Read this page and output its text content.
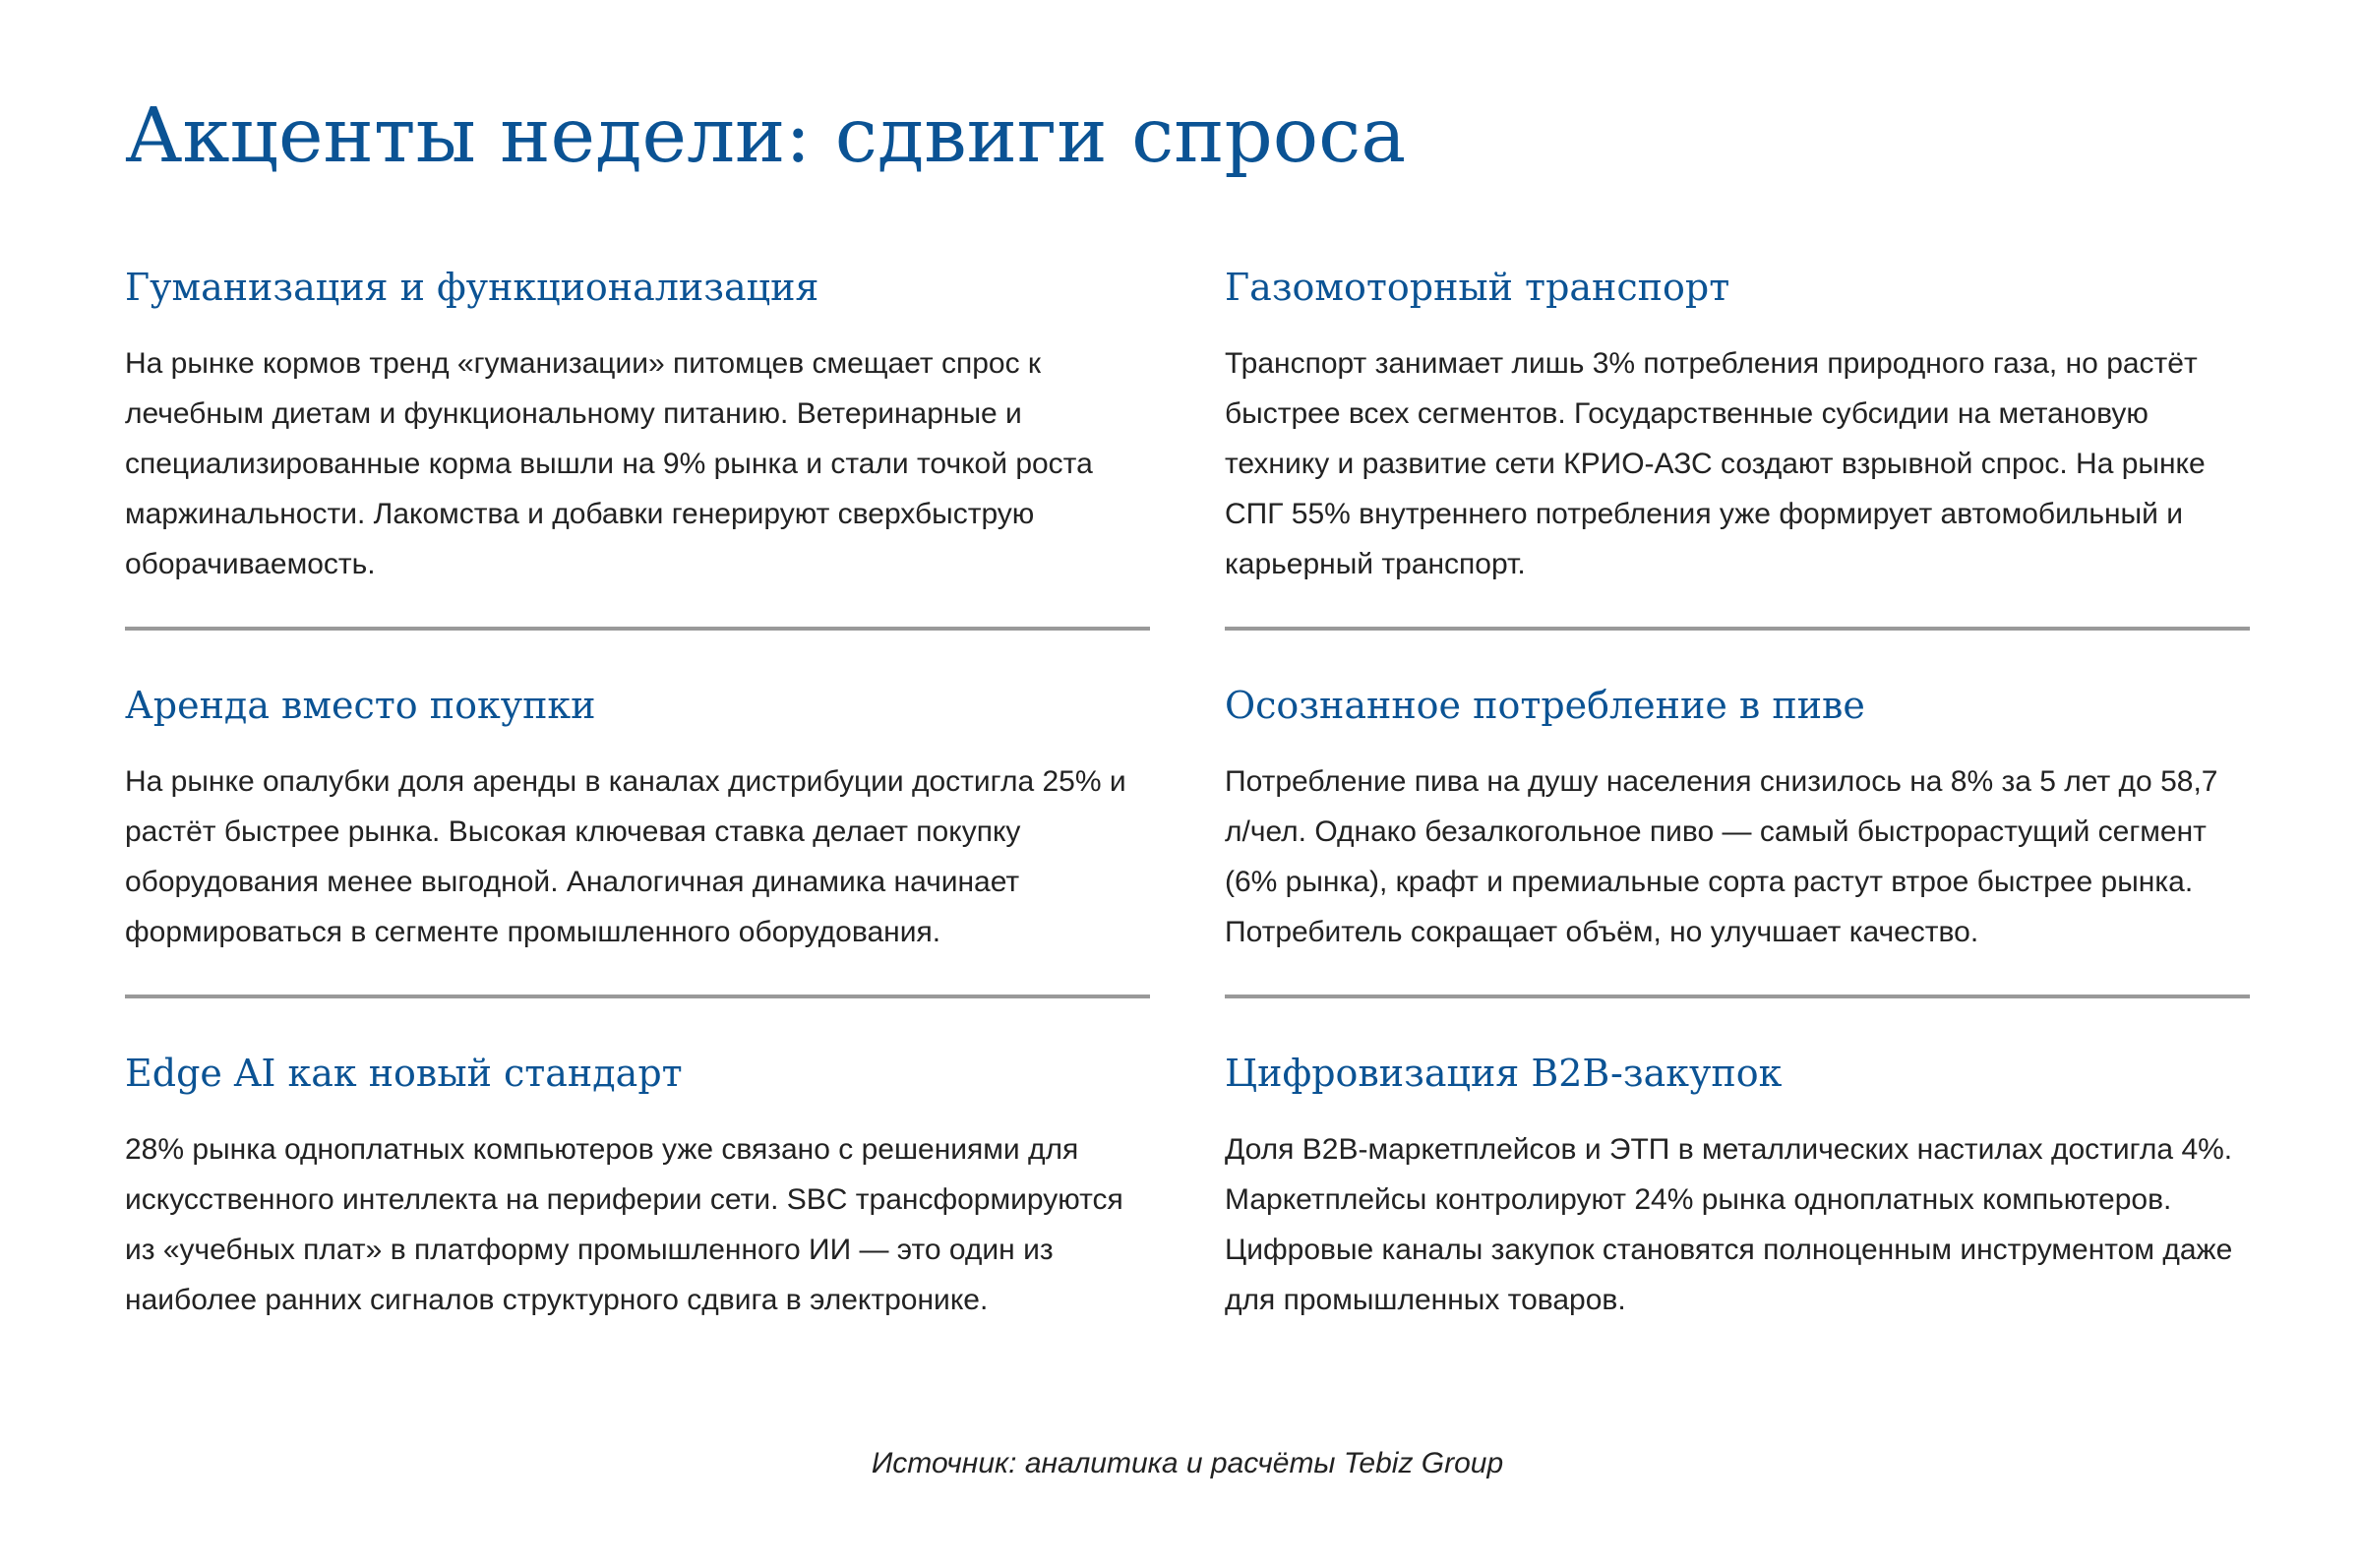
Акценты недели: сдвиги спроса
Гуманизация и функционализация

На рынке кормов тренд «гуманизации» питомцев смещает спрос к лечебным диетам и функциональному питанию. Ветеринарные и специализированные корма вышли на 9% рынка и стали точкой роста маржинальности. Лакомства и добавки генерируют сверхбыструю оборачиваемость.

Аренда вместо покупки

На рынке опалубки доля аренды в каналах дистрибуции достигла 25% и растёт быстрее рынка. Высокая ключевая ставка делает покупку оборудования менее выгодной. Аналогичная динамика начинает формироваться в сегменте промышленного оборудования.

Edge AI как новый стандарт

28% рынка одноплатных компьютеров уже связано с решениями для искусственного интеллекта на периферии сети. SBC трансформируются из «учебных плат» в платформу промышленного ИИ — это один из наиболее ранних сигналов структурного сдвига в электронике.

Газомоторный транспорт

Транспорт занимает лишь 3% потребления природного газа, но растёт быстрее всех сегментов. Государственные субсидии на метановую технику и развитие сети КРИО-АЗС создают взрывной спрос. На рынке СПГ 55% внутреннего потребления уже формирует автомобильный и карьерный транспорт.

Осознанное потребление в пиве

Потребление пива на душу населения снизилось на 8% за 5 лет до 58,7 л/чел. Однако безалкогольное пиво — самый быстрорастущий сегмент (6% рынка), крафт и премиальные сорта растут втрое быстрее рынка. Потребитель сокращает объём, но улучшает качество.

Цифровизация B2B-закупок

Доля B2B-маркетплейсов и ЭТП в металлических настилах достигла 4%. Маркетплейсы контролируют 24% рынка одноплатных компьютеров. Цифровые каналы закупок становятся полноценным инструментом даже для промышленных товаров.

Источник: аналитика и расчёты Tebiz Group
